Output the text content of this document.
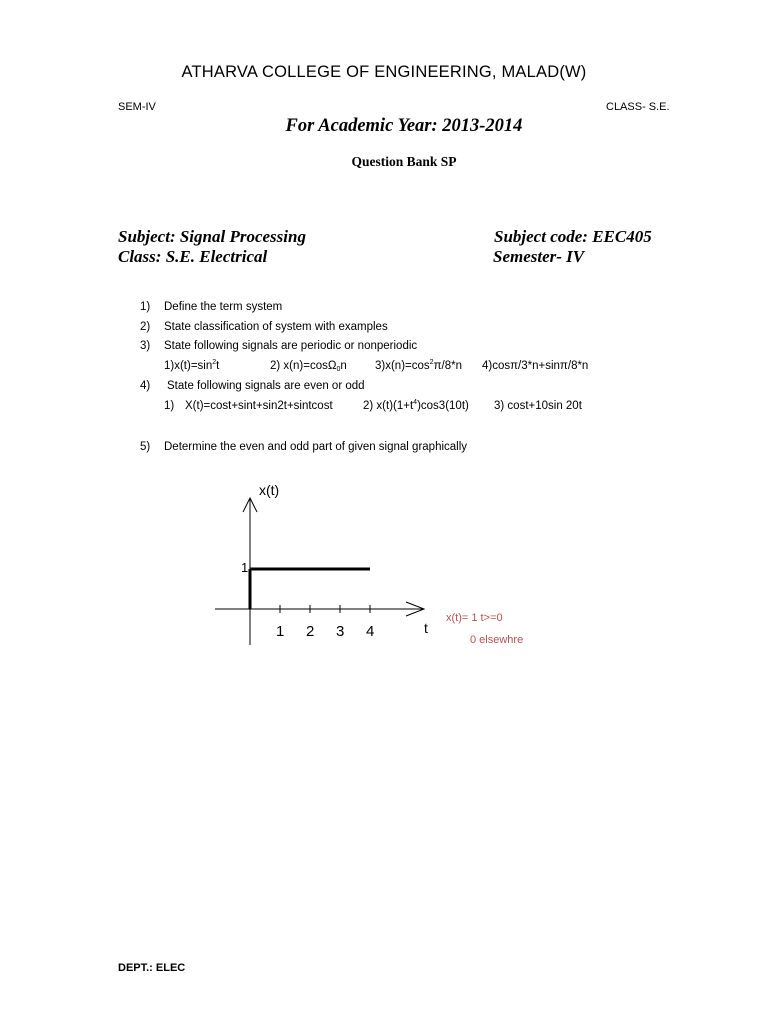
ATHARVA COLLEGE OF ENGINEERING, MALAD(W)
SEM-IV	CLASS- S.E.
For Academic Year: 2013-2014
Question Bank SP
Subject: Signal Processing	Subject code: EEC405
Class: S.E. Electrical	Semester- IV
1) Define the term system
2) State classification of system with examples
3) State following signals are periodic or nonperiodic
$1)x(t)=\sin^2t$	2) x(n)=cosΩ$_0$n $3)x(n)=\cos^2\pi/8*n$ 4)cosπ/3*n+sinπ/8*n
4) State following signals are even or odd
1) X(t)=cost+sint+sin2t+sintcost	2) $x(t)(1+t^4)\cos 3(10t)$ 3) cost+10sin 20t
5) Determine the even and odd part of given signal graphically
x(t)
1
1 2 3 4	t
x(t)= 1 t>=0
0 elsewhre
DEPT.: ELEC
